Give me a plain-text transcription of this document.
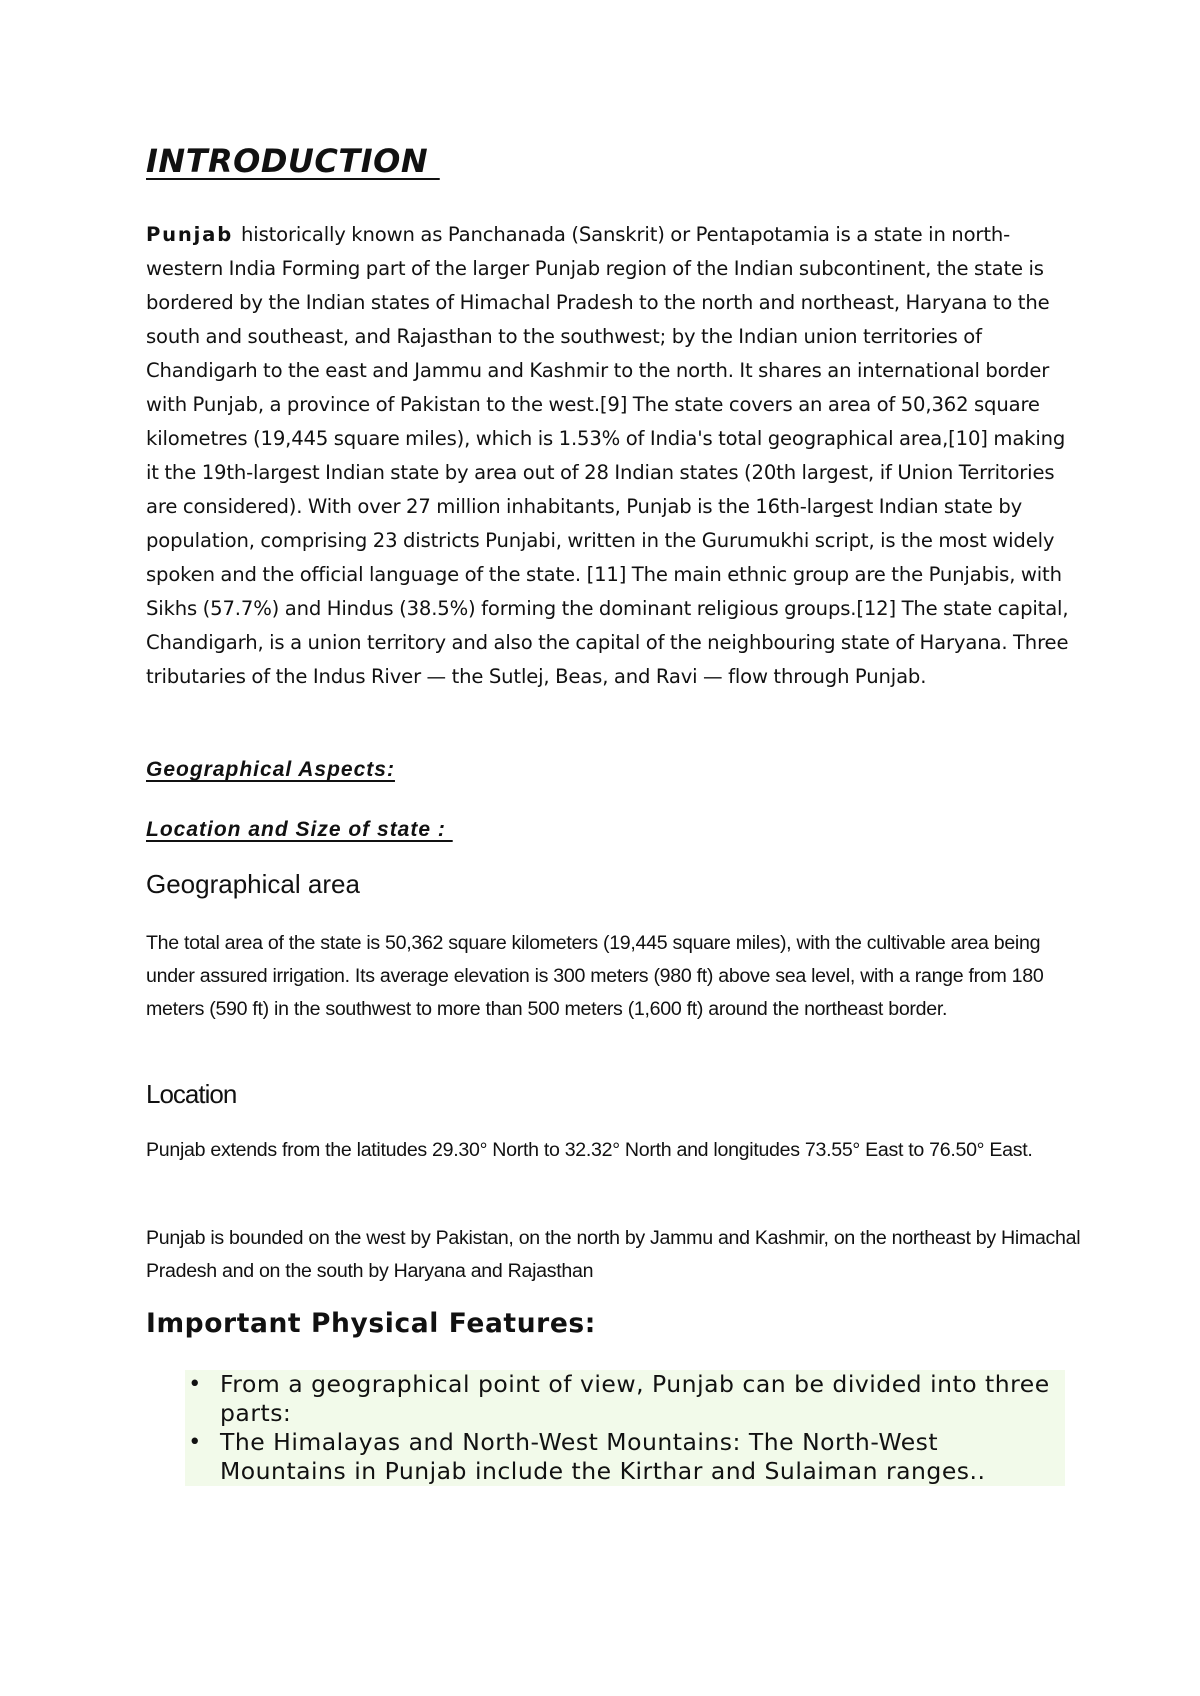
INTRODUCTION

Punjab historically known as Panchanada (Sanskrit) or Pentapotamia is a state in north-western India Forming part of the larger Punjab region of the Indian subcontinent, the state is bordered by the Indian states of Himachal Pradesh to the north and northeast, Haryana to the south and southeast, and Rajasthan to the southwest; by the Indian union territories of Chandigarh to the east and Jammu and Kashmir to the north. It shares an international border with Punjab, a province of Pakistan to the west.[9] The state covers an area of 50,362 square kilometres (19,445 square miles), which is 1.53% of India's total geographical area,[10] making it the 19th-largest Indian state by area out of 28 Indian states (20th largest, if Union Territories are considered). With over 27 million inhabitants, Punjab is the 16th-largest Indian state by population, comprising 23 districts Punjabi, written in the Gurumukhi script, is the most widely spoken and the official language of the state. [11] The main ethnic group are the Punjabis, with Sikhs (57.7%) and Hindus (38.5%) forming the dominant religious groups.[12] The state capital, Chandigarh, is a union territory and also the capital of the neighbouring state of Haryana. Three tributaries of the Indus River — the Sutlej, Beas, and Ravi — flow through Punjab.

Geographical Aspects:
Location and Size of state :
Geographical area

The total area of the state is 50,362 square kilometers (19,445 square miles), with the cultivable area being under assured irrigation. Its average elevation is 300 meters (980 ft) above sea level, with a range from 180 meters (590 ft) in the southwest to more than 500 meters (1,600 ft) around the northeast border.

Location

Punjab extends from the latitudes 29.30° North to 32.32° North and longitudes 73.55° East to 76.50° East.

Punjab is bounded on the west by Pakistan, on the north by Jammu and Kashmir, on the northeast by Himachal Pradesh and on the south by Haryana and Rajasthan

Important Physical Features:
• From a geographical point of view, Punjab can be divided into three parts:
• The Himalayas and North-West Mountains: The North-West Mountains in Punjab include the Kirthar and Sulaiman ranges..
